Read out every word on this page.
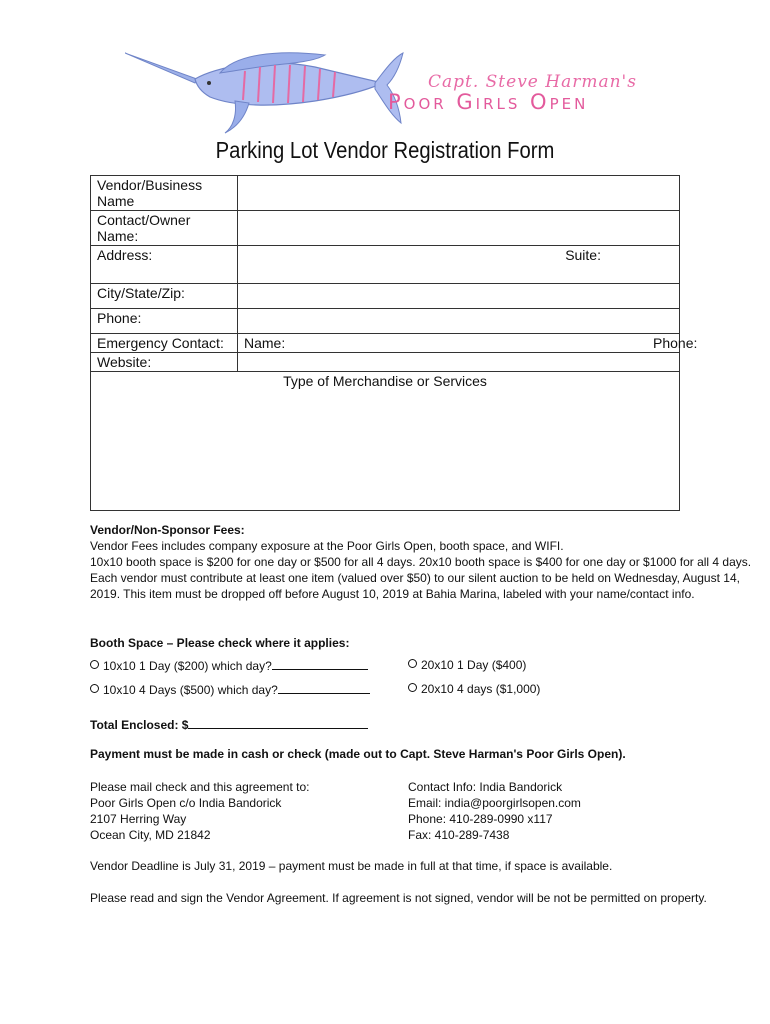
Capt. Steve Harman's
Poor Girls Open
Parking Lot Vendor Registration Form
Vendor/Business Name	
Contact/Owner Name:	
Address:	Suite:

City/State/Zip:	
Phone:	
Emergency Contact:	Name: Phone:

Website:	
Type of Merchandise or Services	
Vendor/Non-Sponsor Fees:
Vendor Fees includes company exposure at the Poor Girls Open, booth space, and WIFI.
10x10 booth space is $200 for one day or $500 for all 4 days. 20x10 booth space is $400 for one day or $1000 for all 4 days.
Each vendor must contribute at least one item (valued over $50) to our silent auction to be held on Wednesday, August 14,
2019. This item must be dropped off before August 10, 2019 at Bahia Marina, labeled with your name/contact info.
Booth Space – Please check where it applies:
10x10 1 Day ($200) which day?	20x10 1 Day ($400)
10x10 4 Days ($500) which day?	20x10 4 days ($1,000)
Total Enclosed: $
Payment must be made in cash or check (made out to Capt. Steve Harman's Poor Girls Open).
Please mail check and this agreement to:
Poor Girls Open c/o India Bandorick
2107 Herring Way
Ocean City, MD 21842
Contact Info: India Bandorick
Email: india@poorgirlsopen.com
Phone: 410-289-0990 x117
Fax: 410-289-7438
Vendor Deadline is July 31, 2019 – payment must be made in full at that time, if space is available.
Please read and sign the Vendor Agreement. If agreement is not signed, vendor will be not be permitted on property.
